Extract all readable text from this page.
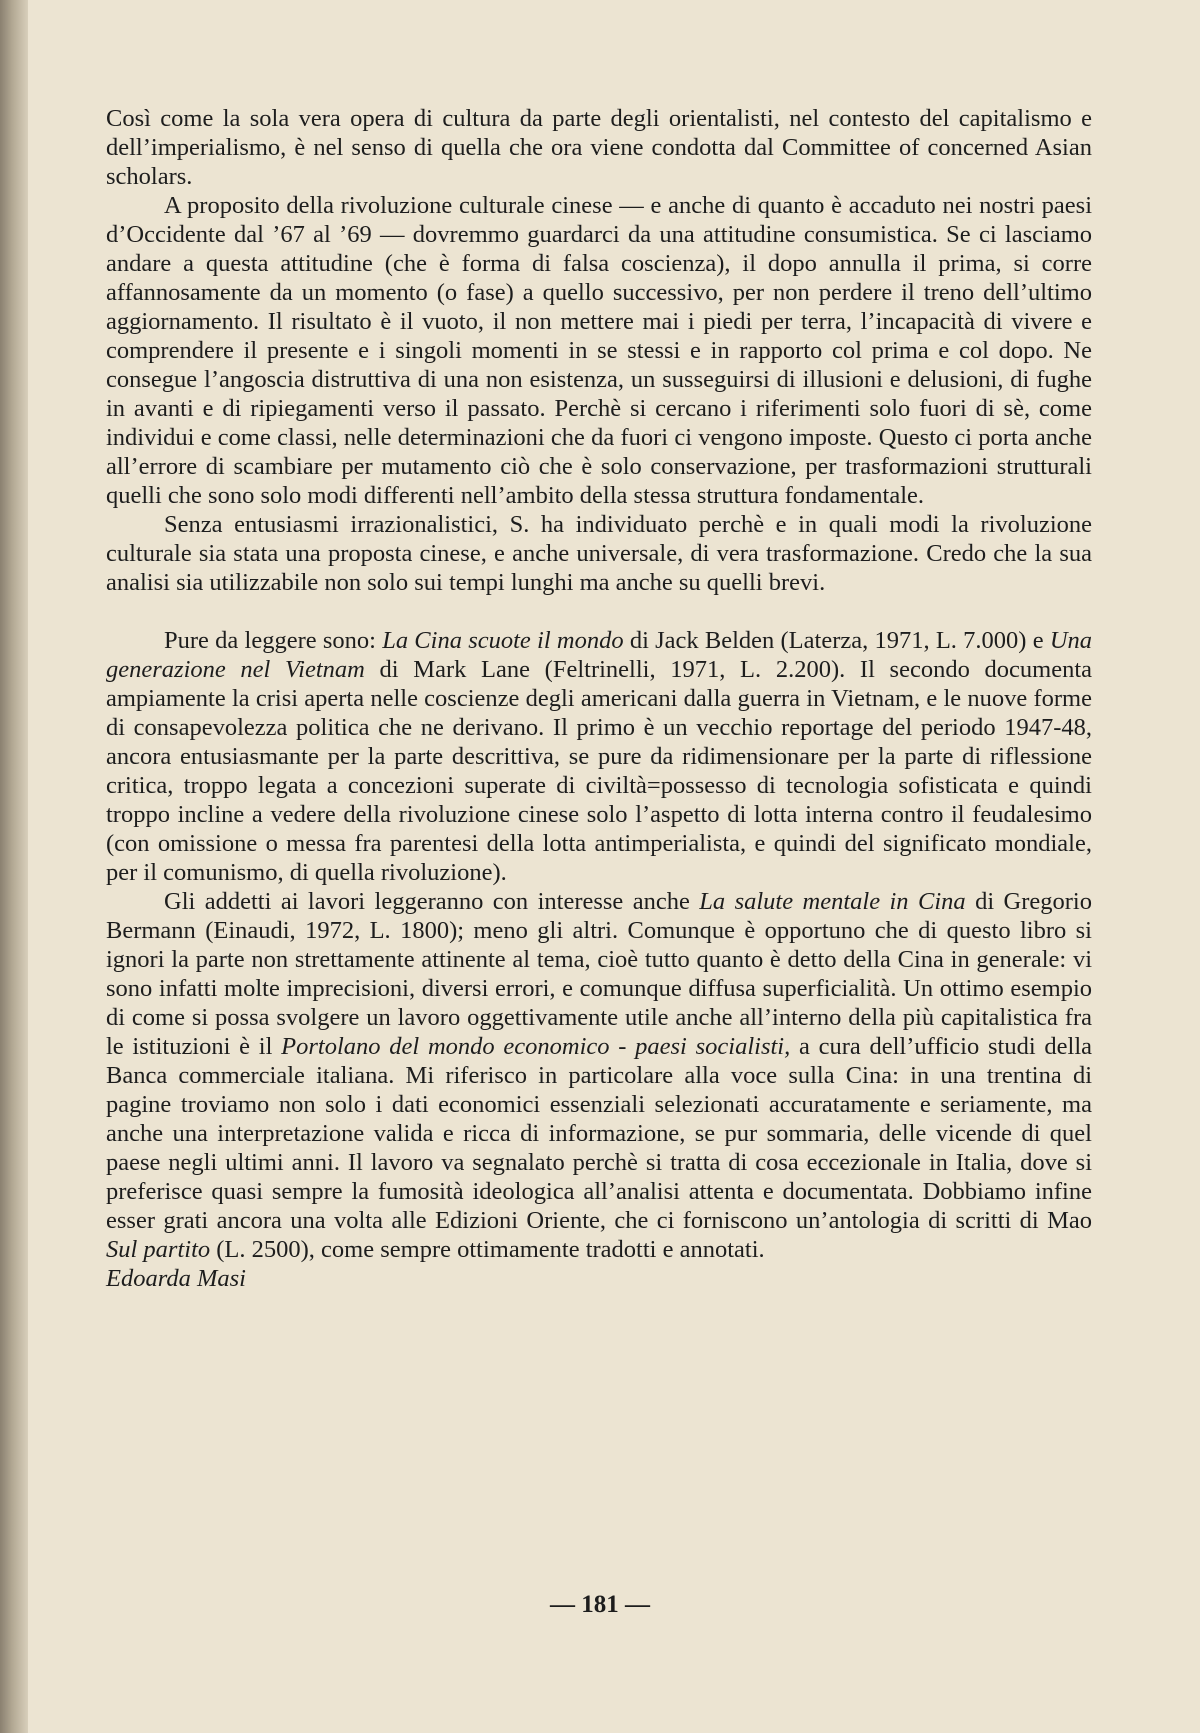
Così come la sola vera opera di cultura da parte degli orientalisti, nel contesto del capitalismo e dell’imperialismo, è nel senso di quella che ora viene condotta dal Committee of concerned Asian scholars.

A proposito della rivoluzione culturale cinese — e anche di quanto è accaduto nei nostri paesi d’Occidente dal ’67 al ’69 — dovremmo guardarci da una attitudine consumistica. Se ci lasciamo andare a questa attitudine (che è forma di falsa coscienza), il dopo annulla il prima, si corre affannosamente da un momento (o fase) a quello successivo, per non perdere il treno dell’ultimo aggiornamento. Il risultato è il vuoto, il non mettere mai i piedi per terra, l’incapacità di vivere e comprendere il presente e i singoli momenti in se stessi e in rapporto col prima e col dopo. Ne consegue l’angoscia distruttiva di una non esistenza, un susseguirsi di illusioni e delusioni, di fughe in avanti e di ripiegamenti verso il passato. Perchè si cercano i riferimenti solo fuori di sè, come individui e come classi, nelle determinazioni che da fuori ci vengono imposte. Questo ci porta anche all’errore di scambiare per mutamento ciò che è solo conservazione, per trasformazioni strutturali quelli che sono solo modi differenti nell’ambito della stessa struttura fondamentale.

Senza entusiasmi irrazionalistici, S. ha individuato perchè e in quali modi la rivoluzione culturale sia stata una proposta cinese, e anche universale, di vera trasformazione. Credo che la sua analisi sia utilizzabile non solo sui tempi lunghi ma anche su quelli brevi.

Pure da leggere sono: La Cina scuote il mondo di Jack Belden (Laterza, 1971, L. 7.000) e Una generazione nel Vietnam di Mark Lane (Feltrinelli, 1971, L. 2.200). Il secondo documenta ampiamente la crisi aperta nelle coscienze degli americani dalla guerra in Vietnam, e le nuove forme di consapevolezza politica che ne derivano. Il primo è un vecchio reportage del periodo 1947-48, ancora entusiasmante per la parte descrittiva, se pure da ridimensionare per la parte di riflessione critica, troppo legata a concezioni superate di civiltà=possesso di tecnologia sofisticata e quindi troppo incline a vedere della rivoluzione cinese solo l’aspetto di lotta interna contro il feudalesimo (con omissione o messa fra parentesi della lotta antimperialista, e quindi del significato mondiale, per il comunismo, di quella rivoluzione).

Gli addetti ai lavori leggeranno con interesse anche La salute mentale in Cina di Gregorio Bermann (Einaudi, 1972, L. 1800); meno gli altri. Comunque è opportuno che di questo libro si ignori la parte non strettamente attinente al tema, cioè tutto quanto è detto della Cina in generale: vi sono infatti molte imprecisioni, diversi errori, e comunque diffusa superficialità. Un ottimo esempio di come si possa svolgere un lavoro oggettivamente utile anche all’interno della più capitalistica fra le istituzioni è il Portolano del mondo economico - paesi socialisti, a cura dell’ufficio studi della Banca commerciale italiana. Mi riferisco in particolare alla voce sulla Cina: in una trentina di pagine troviamo non solo i dati economici essenziali selezionati accuratamente e seriamente, ma anche una interpretazione valida e ricca di informazione, se pur sommaria, delle vicende di quel paese negli ultimi anni. Il lavoro va segnalato perchè si tratta di cosa eccezionale in Italia, dove si preferisce quasi sempre la fumosità ideologica all’analisi attenta e documentata. Dobbiamo infine esser grati ancora una volta alle Edizioni Oriente, che ci forniscono un’antologia di scritti di Mao Sul partito (L. 2500), come sempre ottimamente tradotti e annotati.

Edoarda Masi

— 181 —
